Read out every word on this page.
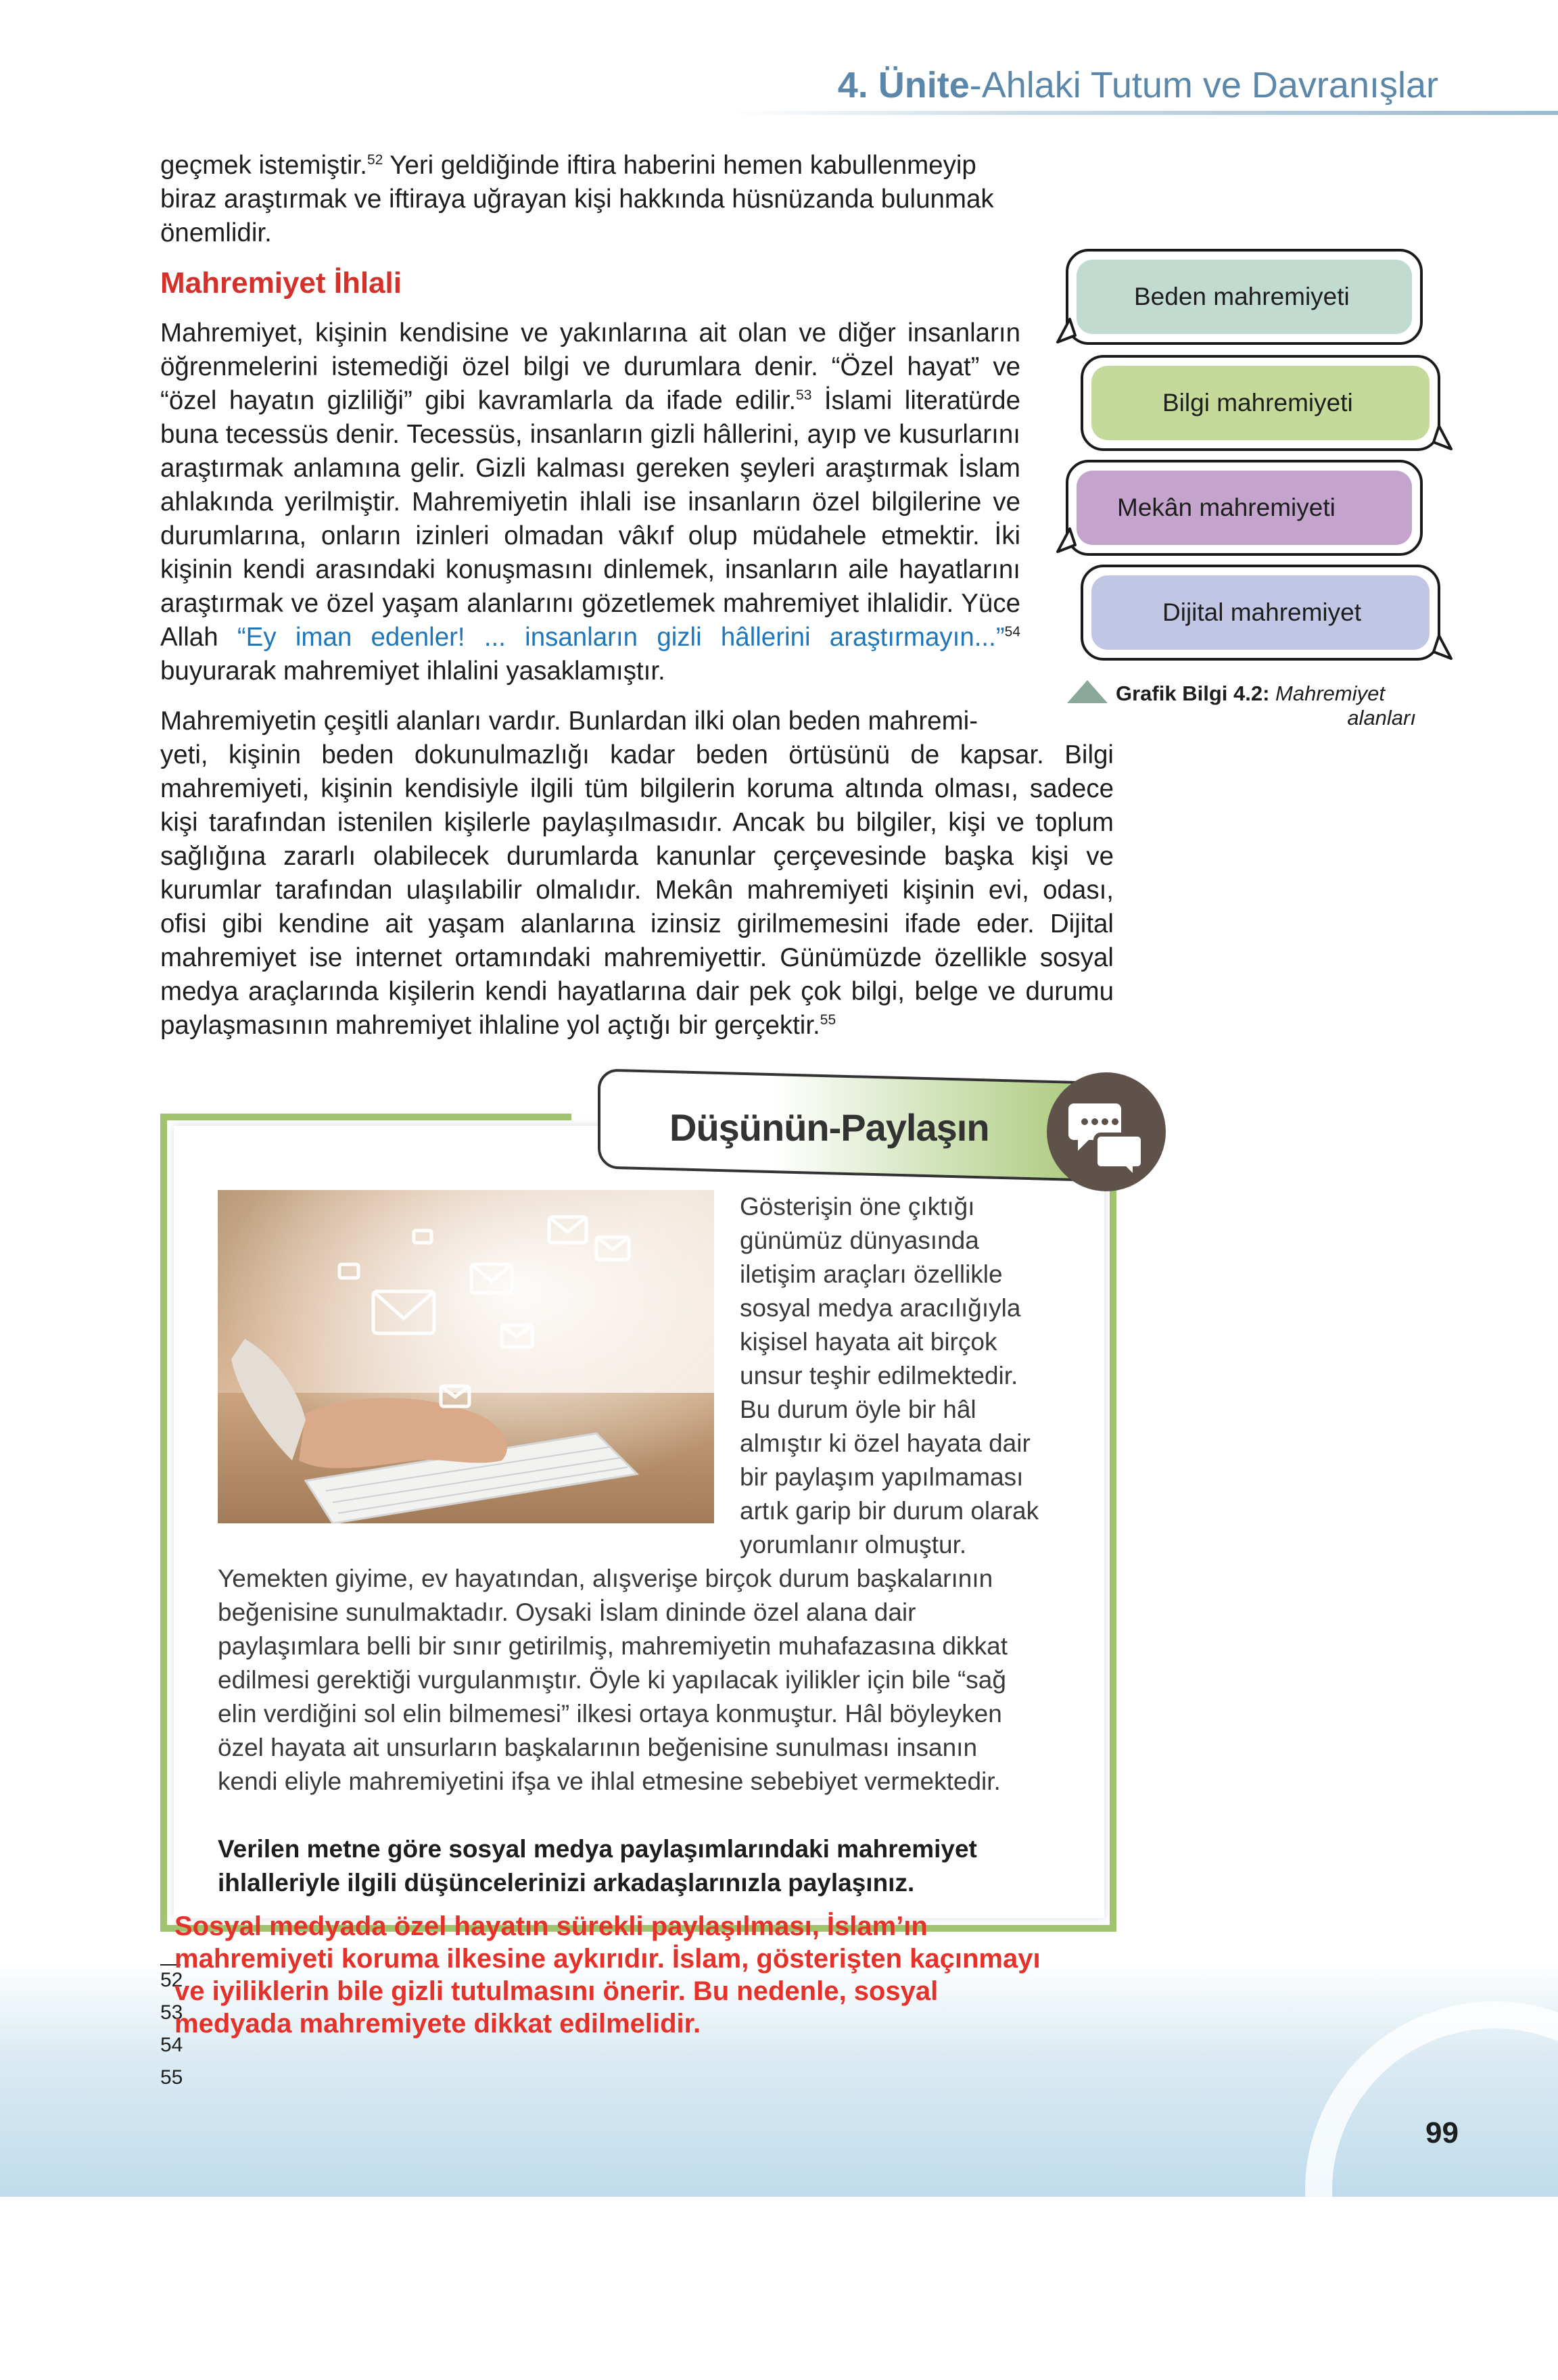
4. Ünite-Ahlaki Tutum ve Davranışlar
geçmek istemiştir.$^{52}$ Yeri geldiğinde iftira haberini hemen kabullenmeyip biraz araştırmak ve iftiraya uğrayan kişi hakkında hüsnüzanda bulunmak önemlidir.
Mahremiyet İhlali
Mahremiyet, kişinin kendisine ve yakınlarına ait olan ve diğer insanların öğrenmelerini istemediği özel bilgi ve durumlara denir. “Özel hayat” ve “özel hayatın gizliliği” gibi kavramlarla da ifade edilir.$^{53}$ İslami literatürde buna tecessüs denir. Tecessüs, insanların gizli hâllerini, ayıp ve kusurlarını araştırmak anlamına gelir. Gizli kalması gereken şeyleri araştırmak İslam ahlakında yerilmiştir. Mahremiyetin ihlali ise insanların özel bilgilerine ve durumlarına, onların izinleri olmadan vâkıf olup müdahele etmektir. İki kişinin kendi arasındaki konuşmasını dinlemek, insanların aile hayatlarını araştırmak ve özel yaşam alanlarını gözetlemek mahremiyet ihlalidir. Yüce Allah “Ey iman edenler! ... insanların gizli hâllerini araştırmayın...”$^{54}$ buyurarak mahremiyet ihlalini yasaklamıştır.
Mahremiyetin çeşitli alanları vardır. Bunlardan ilki olan beden mahremi-
yeti, kişinin beden dokunulmazlığı kadar beden örtüsünü de kapsar. Bilgi mahremiyeti, kişinin kendisiyle ilgili tüm bilgilerin koruma altında olması, sadece kişi tarafından istenilen kişilerle paylaşılmasıdır. Ancak bu bilgiler, kişi ve toplum sağlığına zararlı olabilecek durumlarda kanunlar çerçevesinde başka kişi ve kurumlar tarafından ulaşılabilir olmalıdır. Mekân mahremiyeti kişinin evi, odası, ofisi gibi kendine ait yaşam alanlarına izinsiz girilmemesini ifade eder. Dijital mahremiyet ise internet ortamındaki mahremiyettir. Günümüzde özellikle sosyal medya araçlarında kişilerin kendi hayatlarına dair pek çok bilgi, belge ve durumu paylaşmasının mahremiyet ihlaline yol açtığı bir gerçektir.$^{55}$
Beden mahremiyeti
Bilgi mahremiyeti
Mekân mahremiyeti
Dijital mahremiyet
Grafik Bilgi 4.2: Mahremiyet
alanları
Düşünün-Paylaşın
Gösterişin öne çıktığı
günümüz dünyasında
iletişim araçları özellikle
sosyal medya aracılığıyla
kişisel hayata ait birçok
unsur teşhir edilmektedir.
Bu durum öyle bir hâl
almıştır ki özel hayata dair
bir paylaşım yapılmaması
artık garip bir durum olarak
yorumlanır olmuştur.
Yemekten giyime, ev hayatından, alışverişe birçok durum başkalarının
beğenisine sunulmaktadır. Oysaki İslam dininde özel alana dair
paylaşımlara belli bir sınır getirilmiş, mahremiyetin muhafazasına dikkat
edilmesi gerektiği vurgulanmıştır. Öyle ki yapılacak iyilikler için bile “sağ
elin verdiğini sol elin bilmemesi” ilkesi ortaya konmuştur. Hâl böyleyken
özel hayata ait unsurların başkalarının beğenisine sunulması insanın
kendi eliyle mahremiyetini ifşa ve ihlal etmesine sebebiyet vermektedir.
Verilen metne göre sosyal medya paylaşımlarındaki mahremiyet
ihlalleriyle ilgili düşüncelerinizi arkadaşlarınızla paylaşınız.
52
53
54
55
Sosyal medyada özel hayatın sürekli paylaşılması, İslam’ın
mahremiyeti koruma ilkesine aykırıdır. İslam, gösterişten kaçınmayı
ve iyiliklerin bile gizli tutulmasını önerir. Bu nedenle, sosyal
medyada mahremiyete dikkat edilmelidir.
99
